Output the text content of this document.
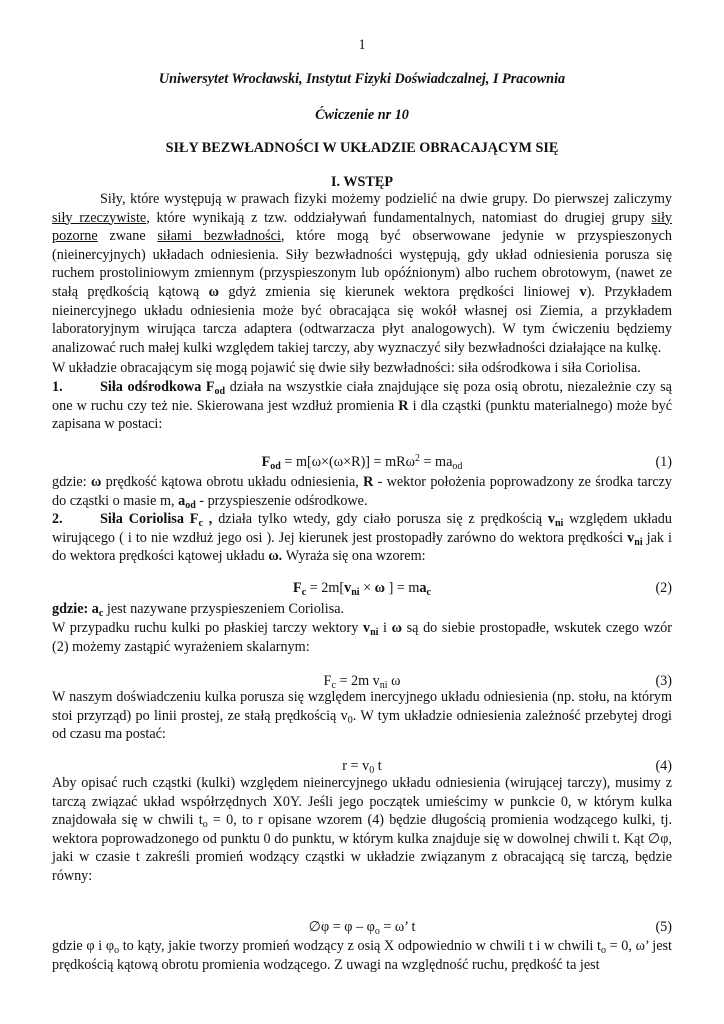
1
Uniwersytet Wrocławski, Instytut Fizyki Doświadczalnej, I Pracownia
Ćwiczenie nr 10
SIŁY BEZWŁADNOŚCI W UKŁADZIE OBRACAJĄCYM SIĘ
I. WSTĘP
Siły, które występują w prawach fizyki możemy podzielić na dwie grupy. Do pierwszej zaliczymy siły rzeczywiste, które wynikają z tzw. oddziaływań fundamentalnych, natomiast do drugiej grupy siły pozorne zwane siłami bezwładności, które mogą być obserwowane jedynie w przyspieszonych (nieinercyjnych) układach odniesienia. Siły bezwładności występują, gdy układ odniesienia porusza się ruchem prostoliniowym zmiennym (przyspieszonym lub opóźnionym) albo ruchem obrotowym, (nawet ze stałą prędkością kątową ω gdyż zmienia się kierunek wektora prędkości liniowej v). Przykładem nieinercyjnego układu odniesienia może być obracająca się wokół własnej osi Ziemia, a przykładem laboratoryjnym wirująca tarcza adaptera (odtwarzacza płyt analogowych). W tym ćwiczeniu będziemy analizować ruch małej kulki względem takiej tarczy, aby wyznaczyć siły bezwładności działające na kulkę.
W układzie obracającym się mogą pojawić się dwie siły bezwładności: siła odśrodkowa i siła Coriolisa.
1.	Siła odśrodkowa $F_{od}$ działa na wszystkie ciała znajdujące się poza osią obrotu, niezależnie czy są one w ruchu czy też nie. Skierowana jest wzdłuż promienia R i dla cząstki (punktu materialnego) może być zapisana w postaci:
$F_{od} = m[\omega\times(\omega\times R)] = mR\omega^2 = ma_{od}$	(1)
gdzie: ω prędkość kątowa obrotu układu odniesienia, R - wektor położenia poprowadzony ze środka tarczy do cząstki o masie m, $a_{od}$ - przyspieszenie odśrodkowe.
2.	Siła Coriolisa $F_c$ , działa tylko wtedy, gdy ciało porusza się z prędkością $v_{ni}$ względem układu wirującego ( i to nie wzdłuż jego osi ). Jej kierunek jest prostopadły zarówno do wektora prędkości $v_{ni}$ jak i do wektora prędkości kątowej układu ω. Wyraża się ona wzorem:
$F_c = 2m[v_{ni} \times \omega$ ] = $ma_c$	(2)
gdzie: $a_c$ jest nazywane przyspieszeniem Coriolisa.
W przypadku ruchu kulki po płaskiej tarczy wektory $v_{ni}$ i ω są do siebie prostopadłe, wskutek czego wzór (2) możemy zastąpić wyrażeniem skalarnym:
$F_c = 2m$ $v_{ni}$ ω	(3)
W naszym doświadczeniu kulka porusza się względem inercyjnego układu odniesienia (np. stołu, na którym stoi przyrząd) po linii prostej, ze stałą prędkością $v_0$. W tym układzie odniesienia zależność przebytej drogi od czasu ma postać:
$r = v_0$ t	(4)
Aby opisać ruch cząstki (kulki) względem nieinercyjnego układu odniesienia (wirującej tarczy), musimy z tarczą związać układ współrzędnych X0Y. Jeśli jego początek umieścimy w punkcie 0, w którym kulka znajdowała się w chwili $t_o = 0$, to r opisane wzorem (4) będzie długością promienia wodzącego kulki, tj. wektora poprowadzonego od punktu 0 do punktu, w którym kulka znajduje się w dowolnej chwili t. Kąt ∅φ, jaki w czasie t zakreśli promień wodzący cząstki w układzie związanym z obracającą się tarczą, będzie równy:
∅φ = $\varphi - \varphi_o = \omega$’ t	(5)
gdzie φ i $\varphi_o$ to kąty, jakie tworzy promień wodzący z osią X odpowiednio w chwili t i w chwili $t_o = 0$, ω’ jest prędkością kątową obrotu promienia wodzącego. Z uwagi na względność ruchu, prędkość ta jest
